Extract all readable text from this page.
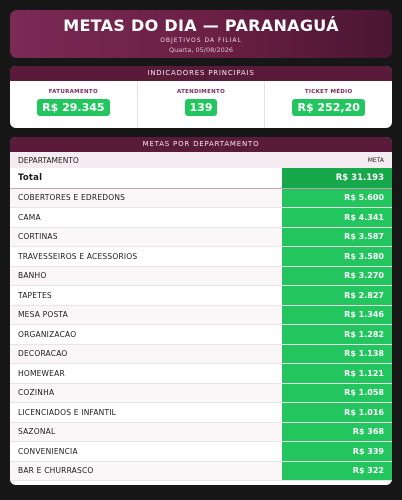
METAS DO DIA — PARANAGUÁ
OBJETIVOS DA FILIAL
Quarta, 05/08/2026
INDICADORES PRINCIPAIS
FATURAMENTO
R$ 29.345
ATENDIMENTO
139
TICKET MÉDIO
R$ 252,20
METAS POR DEPARTAMENTO
DEPARTAMENTO	META
Total	R$ 31.193
COBERTORES E EDREDONS	R$ 5.600
CAMA	R$ 4.341
CORTINAS	R$ 3.587
TRAVESSEIROS E ACESSORIOS	R$ 3.580
BANHO	R$ 3.270
TAPETES	R$ 2.827
MESA POSTA	R$ 1.346
ORGANIZACAO	R$ 1.282
DECORACAO	R$ 1.138
HOMEWEAR	R$ 1.121
COZINHA	R$ 1.058
LICENCIADOS E INFANTIL	R$ 1.016
SAZONAL	R$ 368
CONVENIENCIA	R$ 339
BAR E CHURRASCO	R$ 322
